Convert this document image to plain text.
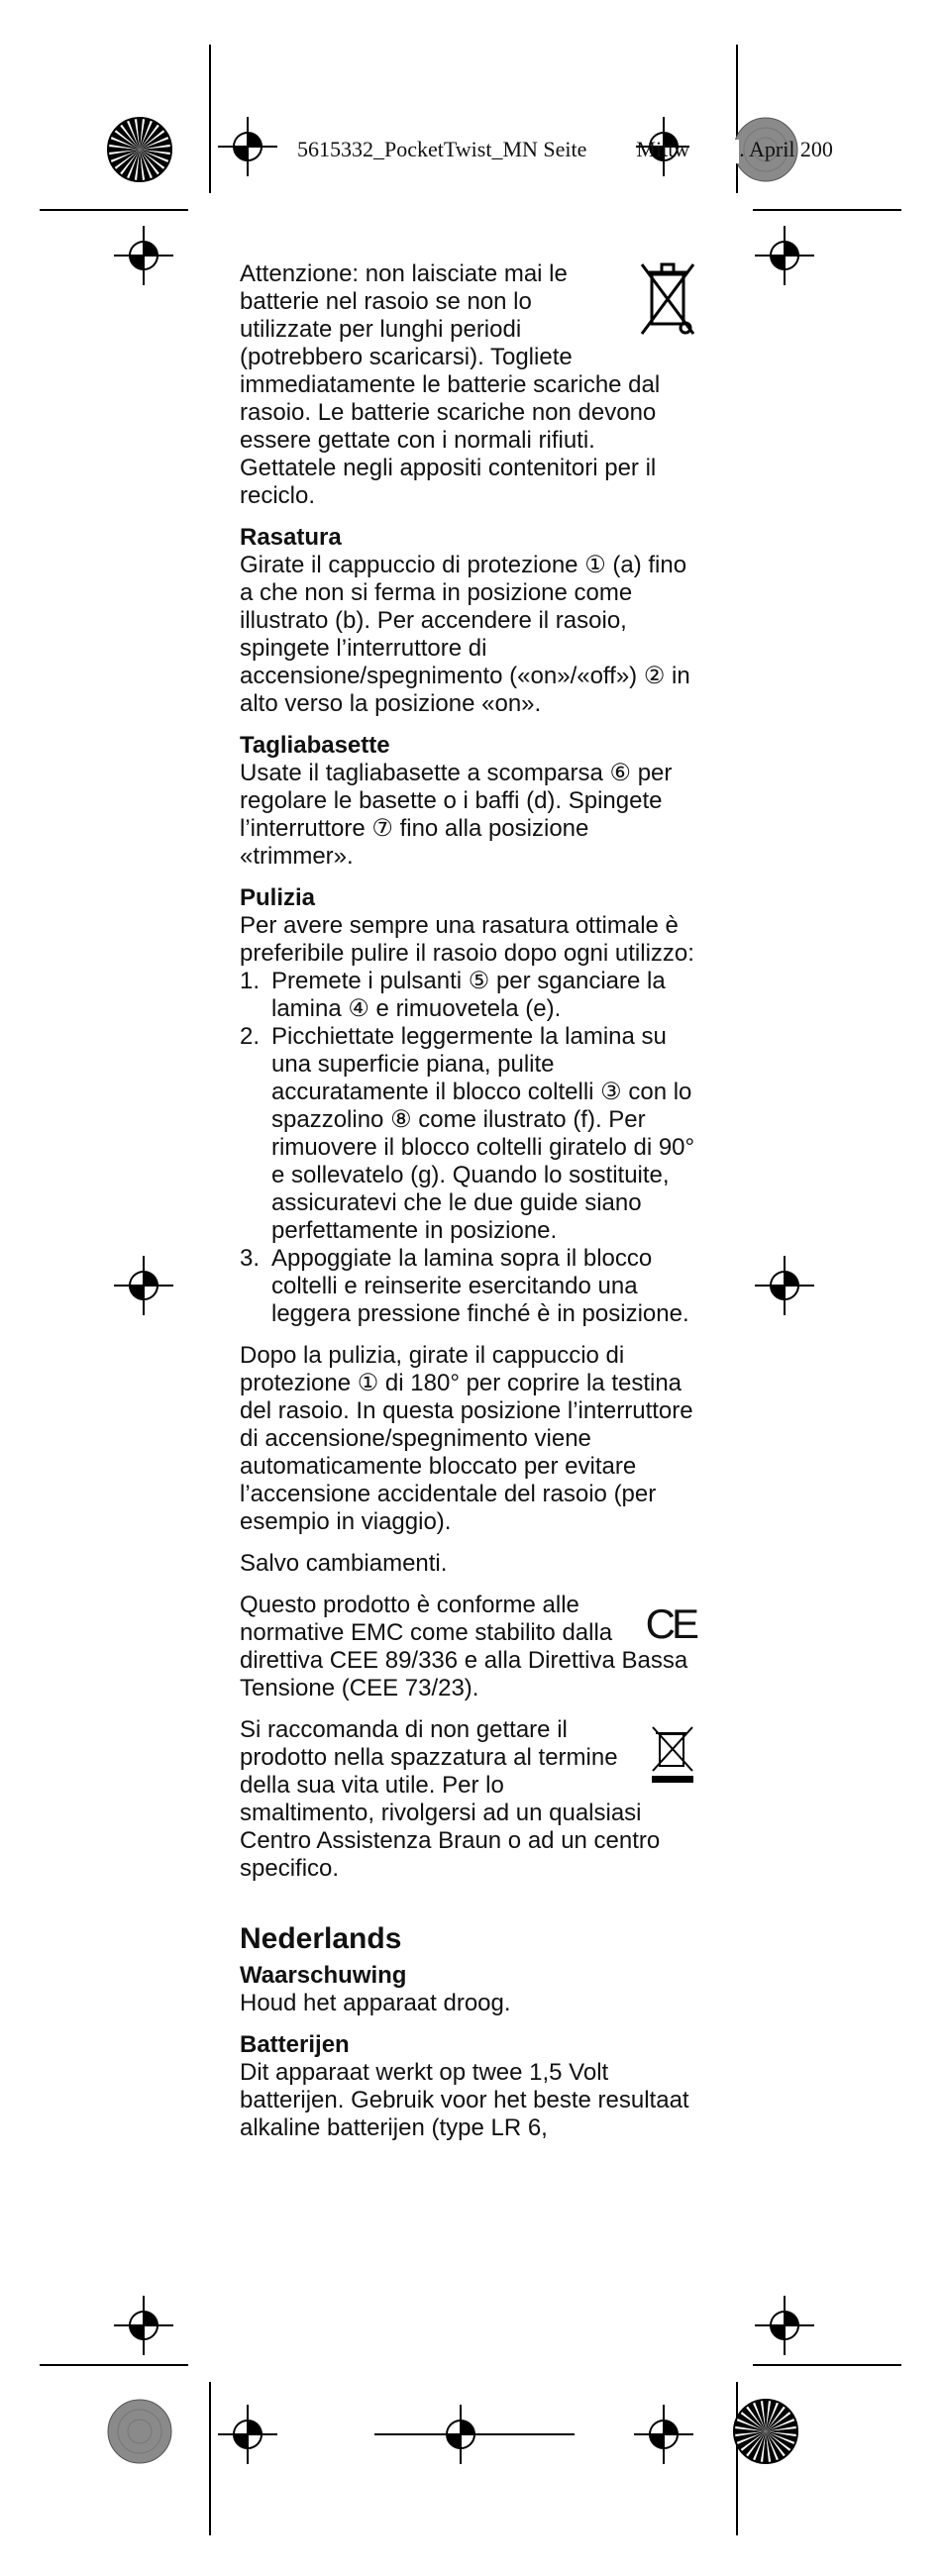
5615332_PocketTwist_MN Seite Mittw . April 200

Attenzione: non laisciate mai le batterie nel rasoio se non lo utilizzate per lunghi periodi (potrebbero scaricarsi). Togliete immediatamente le batterie scariche dal rasoio. Le batterie scariche non devono essere gettate con i normali rifiuti. Gettatele negli appositi contenitori per il reciclo.

Rasatura

Girate il cappuccio di protezione ① (a) fino a che non si ferma in posizione come illustrato (b). Per accendere il rasoio, spingete l’interruttore di accensione/spegnimento («on»/«off») ② in alto verso la posizione «on».

Tagliabasette

Usate il tagliabasette a scomparsa ⑥ per regolare le basette o i baffi (d). Spingete l’interruttore ⑦ fino alla posizione «trimmer».

Pulizia

Per avere sempre una rasatura ottimale è preferibile pulire il rasoio dopo ogni utilizzo:

1. Premete i pulsanti ⑤ per sganciare la lamina ④ e rimuovetela (e).
2. Picchiettate leggermente la lamina su una superficie piana, pulite accuratamente il blocco coltelli ③ con lo spazzolino ⑧ come ilustrato (f). Per rimuovere il blocco coltelli giratelo di 90° e sollevatelo (g). Quando lo sostituite, assicuratevi che le due guide siano perfettamente in posizione.
3. Appoggiate la lamina sopra il blocco coltelli e reinserite esercitando una leggera pressione finché è in posizione.

Dopo la pulizia, girate il cappuccio di protezione ① di 180° per coprire la testina del rasoio. In questa posizione l’interruttore di accensione/spegnimento viene automaticamente bloccato per evitare l’accensione accidentale del rasoio (per esempio in viaggio).

Salvo cambiamenti.

CE

Questo prodotto è conforme alle normative EMC come stabilito dalla direttiva CEE 89/336 e alla Direttiva Bassa Tensione (CEE 73/23).

Si raccomanda di non gettare il prodotto nella spazzatura al termine della sua vita utile. Per lo smaltimento, rivolgersi ad un qualsiasi Centro Assistenza Braun o ad un centro specifico.

Nederlands
Waarschuwing

Houd het apparaat droog.

Batterijen

Dit apparaat werkt op twee 1,5 Volt batterijen. Gebruik voor het beste resultaat alkaline batterijen (type LR 6,
